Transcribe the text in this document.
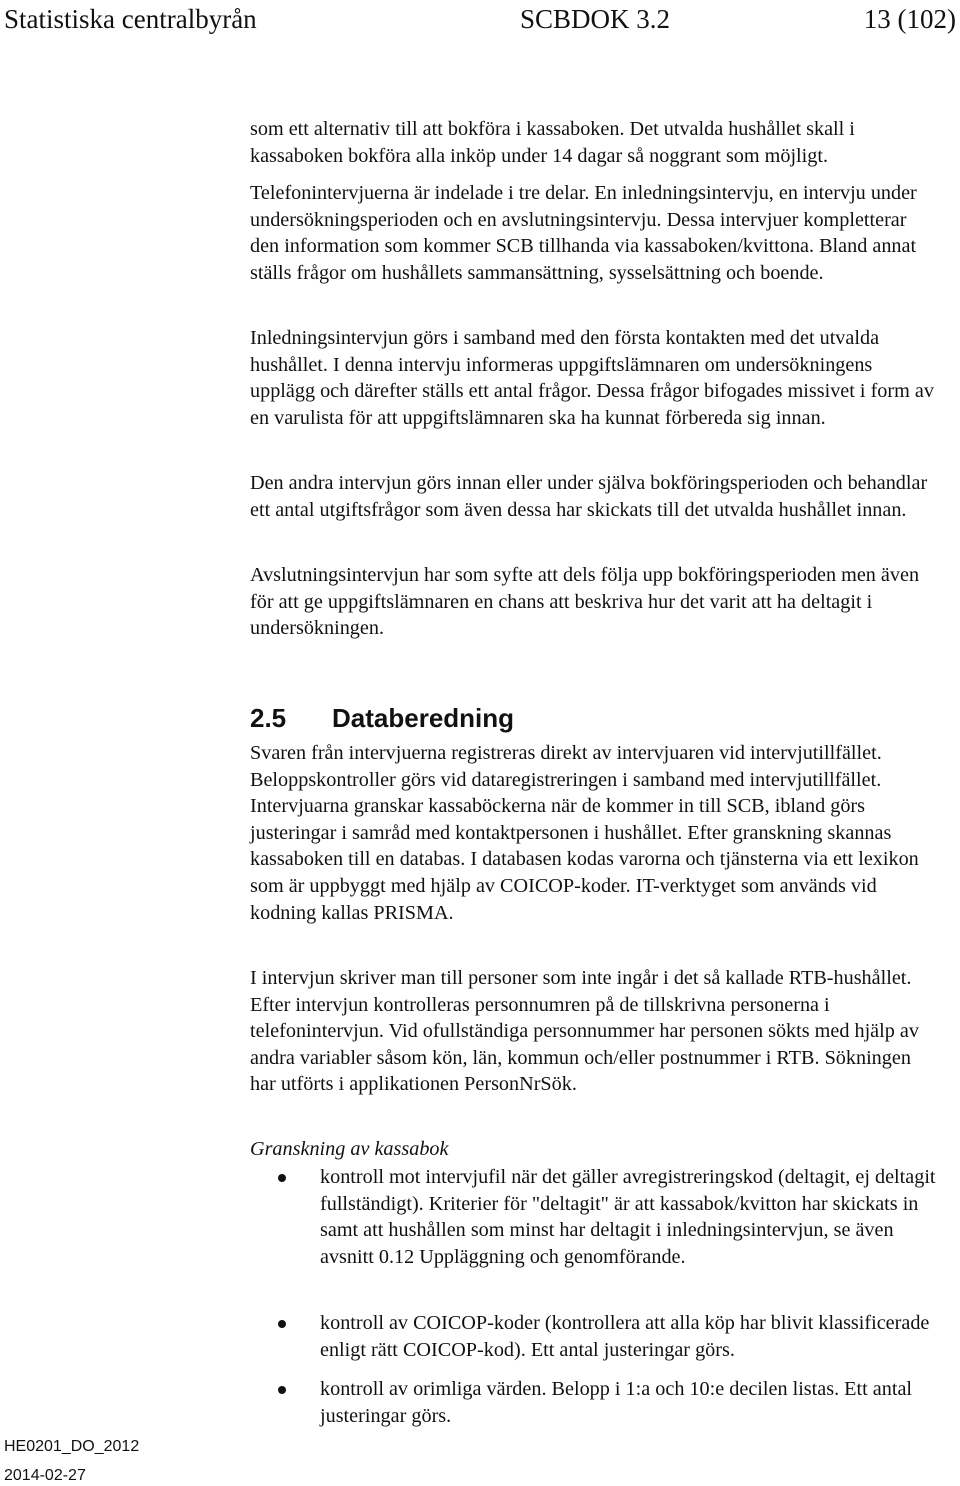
Statistiska centralbyrån	SCBDOK 3.2	13 (102)

som ett alternativ till att bokföra i kassaboken. Det utvalda hushållet skall i kassaboken bokföra alla inköp under 14 dagar så noggrant som möjligt.

Telefonintervjuerna är indelade i tre delar. En inledningsintervju, en intervju under undersökningsperioden och en avslutningsintervju. Dessa intervjuer kompletterar den information som kommer SCB tillhanda via kassaboken/kvittona. Bland annat ställs frågor om hushållets sammansättning, sysselsättning och boende.

Inledningsintervjun görs i samband med den första kontakten med det utvalda hushållet. I denna intervju informeras uppgiftslämnaren om undersökningens upplägg och därefter ställs ett antal frågor. Dessa frågor bifogades missivet i form av en varulista för att uppgiftslämnaren ska ha kunnat förbereda sig innan.

Den andra intervjun görs innan eller under själva bokföringsperioden och behandlar ett antal utgiftsfrågor som även dessa har skickats till det utvalda hushållet innan.

Avslutningsintervjun har som syfte att dels följa upp bokföringsperioden men även för att ge uppgiftslämnaren en chans att beskriva hur det varit att ha deltagit i undersökningen.

2.5 Databeredning

Svaren från intervjuerna registreras direkt av intervjuaren vid intervjutillfället. Beloppskontroller görs vid dataregistreringen i samband med intervjutillfället. Intervjuarna granskar kassaböckerna när de kommer in till SCB, ibland görs justeringar i samråd med kontaktpersonen i hushållet. Efter granskning skannas kassaboken till en databas. I databasen kodas varorna och tjänsterna via ett lexikon som är uppbyggt med hjälp av COICOP-koder. IT-verktyget som används vid kodning kallas PRISMA.

I intervjun skriver man till personer som inte ingår i det så kallade RTB-hushållet. Efter intervjun kontrolleras personnumren på de tillskrivna personerna i telefonintervjun. Vid ofullständiga personnummer har personen sökts med hjälp av andra variabler såsom kön, län, kommun och/eller postnummer i RTB. Sökningen har utförts i applikationen PersonNrSök.

Granskning av kassabok
kontroll mot intervjufil när det gäller avregistreringskod (deltagit, ej deltagit fullständigt). Kriterier för "deltagit" är att kassabok/kvitton har skickats in samt att hushållen som minst har deltagit i inledningsintervjun, se även avsnitt 0.12 Uppläggning och genomförande.
kontroll av COICOP-koder (kontrollera att alla köp har blivit klassificerade enligt rätt COICOP-kod). Ett antal justeringar görs.
kontroll av orimliga värden. Belopp i 1:a och 10:e decilen listas. Ett antal justeringar görs.
HE0201_DO_2012
2014-02-27
